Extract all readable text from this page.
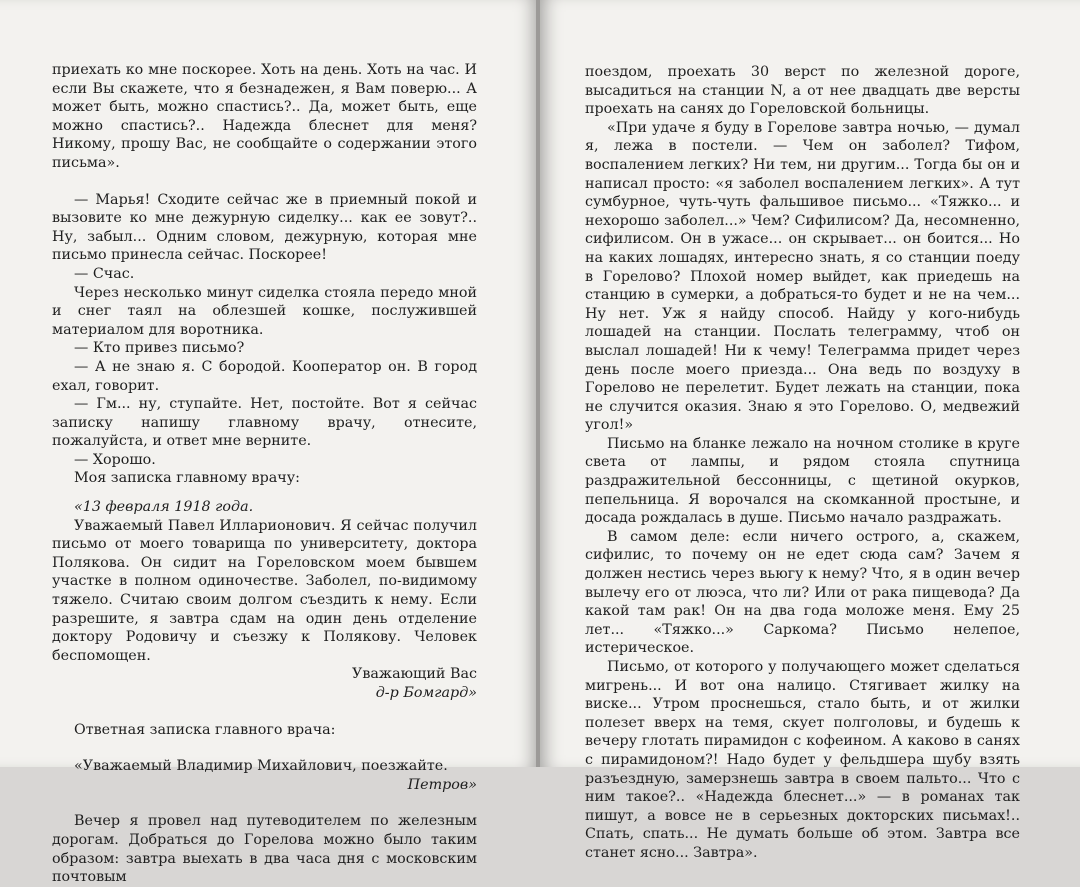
приехать ко мне поскорее. Хоть на день. Хоть на час. И если Вы скажете, что я безнадежен, я Вам поверю... А может быть, можно спастись?.. Да, может быть, еще можно спастись?.. Надежда блеснет для меня? Никому, прошу Вас, не сообщайте о содержании этого письма».

— Марья! Сходите сейчас же в приемный покой и вызовите ко мне дежурную сиделку... как ее зовут?.. Ну, забыл... Одним словом, дежурную, которая мне письмо принесла сейчас. Поскорее!

— Счас.

Через несколько минут сиделка стояла передо мной и снег таял на облезшей кошке, послужившей материалом для воротника.

— Кто привез письмо?

— А не знаю я. С бородой. Кооператор он. В город ехал, говорит.

— Гм... ну, ступайте. Нет, постойте. Вот я сейчас записку напишу главному врачу, отнесите, пожалуйста, и ответ мне верните.

— Хорошо.

Моя записка главному врачу:

«13 февраля 1918 года.

Уважаемый Павел Илларионович. Я сейчас получил письмо от моего товарища по университету, доктора Полякова. Он сидит на Гореловском моем бывшем участке в полном одиночестве. Заболел, по-видимому тяжело. Считаю своим долгом съездить к нему. Если разрешите, я завтра сдам на один день отделение доктору Родовичу и съезжу к Полякову. Человек беспомощен.

Уважающий Вас

д-р Бомгард»

Ответная записка главного врача:

«Уважаемый Владимир Михайлович, поезжайте.

Петров»

Вечер я провел над путеводителем по железным дорогам. Добраться до Горелова можно было таким образом: завтра выехать в два часа дня с московским почтовым

поездом, проехать 30 верст по железной дороге, высадиться на станции N, а от нее двадцать две версты проехать на санях до Гореловской больницы.

«При удаче я буду в Горелове завтра ночью, — думал я, лежа в постели. — Чем он заболел? Тифом, воспалением легких? Ни тем, ни другим... Тогда бы он и написал просто: «я заболел воспалением легких». А тут сумбурное, чуть-чуть фальшивое письмо... «Тяжко... и нехорошо заболел...» Чем? Сифилисом? Да, несомненно, сифилисом. Он в ужасе... он скрывает... он боится... Но на каких лошадях, интересно знать, я со станции поеду в Горелово? Плохой номер выйдет, как приедешь на станцию в сумерки, а добраться-то будет и не на чем... Ну нет. Уж я найду способ. Найду у кого-нибудь лошадей на станции. Послать телеграмму, чтоб он выслал лошадей! Ни к чему! Телеграмма придет через день после моего приезда... Она ведь по воздуху в Горелово не перелетит. Будет лежать на станции, пока не случится оказия. Знаю я это Горелово. О, медвежий угол!»

Письмо на бланке лежало на ночном столике в круге света от лампы, и рядом стояла спутница раздражительной бессонницы, с щетиной окурков, пепельница. Я ворочался на скомканной простыне, и досада рождалась в душе. Письмо начало раздражать.

В самом деле: если ничего острого, а, скажем, сифилис, то почему он не едет сюда сам? Зачем я должен нестись через вьюгу к нему? Что, я в один вечер вылечу его от люэса, что ли? Или от рака пищевода? Да какой там рак! Он на два года моложе меня. Ему 25 лет... «Тяжко...» Саркома? Письмо нелепое, истерическое.

Письмо, от которого у получающего может сделаться мигрень... И вот она налицо. Стягивает жилку на виске... Утром проснешься, стало быть, и от жилки полезет вверх на темя, скует полголовы, и будешь к вечеру глотать пирамидон с кофеином. А каково в санях с пирамидоном?! Надо будет у фельдшера шубу взять разъездную, замерзнешь завтра в своем пальто... Что с ним такое?.. «Надежда блеснет...» — в романах так пишут, а вовсе не в серьезных докторских письмах!.. Спать, спать... Не думать больше об этом. Завтра все станет ясно... Завтра».
